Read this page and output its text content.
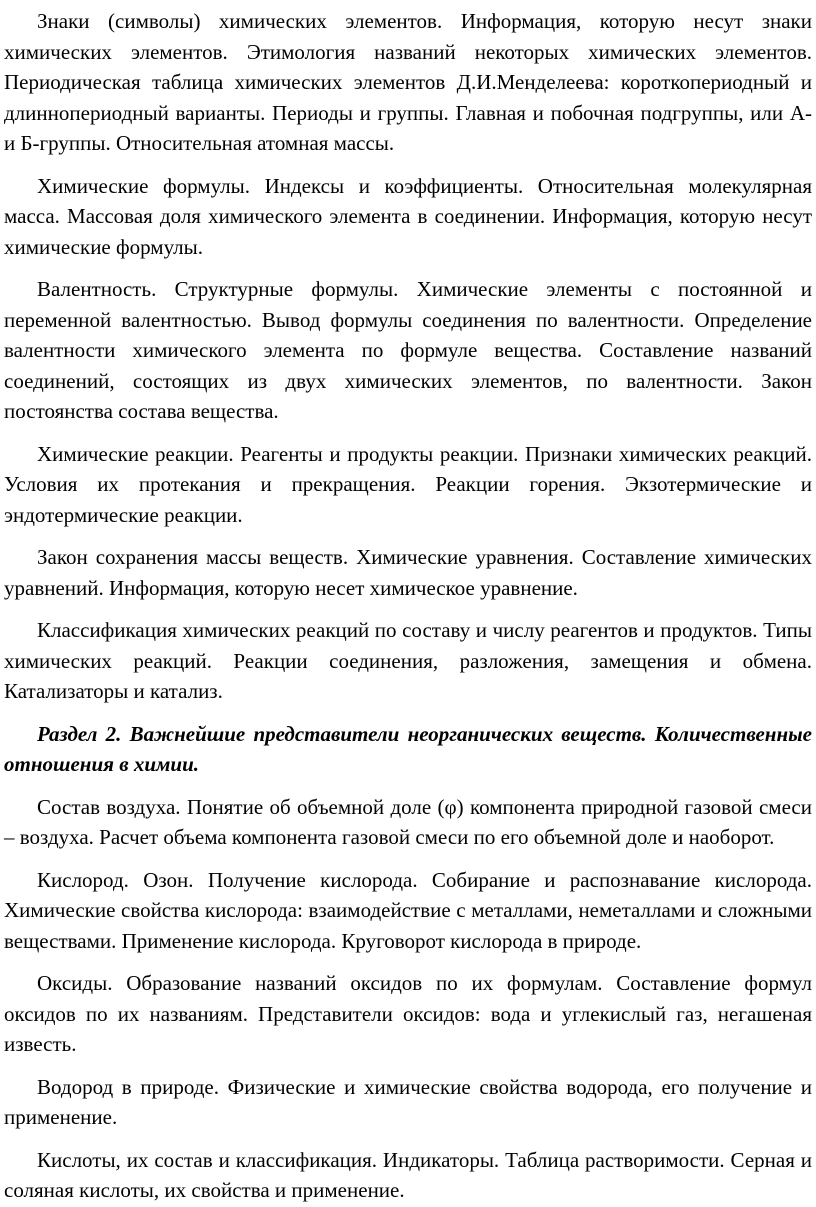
Знаки (символы) химических элементов. Информация, которую несут знаки химических элементов. Этимология названий некоторых химических элементов. Периодическая таблица химических элементов Д.И.Менделеева: короткопериодный и длиннопериодный варианты. Периоды и группы. Главная и побочная подгруппы, или А- и Б-группы. Относительная атомная массы.

Химические формулы. Индексы и коэффициенты. Относительная молекулярная масса. Массовая доля химического элемента в соединении. Информация, которую несут химические формулы.

Валентность. Структурные формулы. Химические элементы с постоянной и переменной валентностью. Вывод формулы соединения по валентности. Определение валентности химического элемента по формуле вещества. Составление названий соединений, состоящих из двух химических элементов, по валентности. Закон постоянства состава вещества.

Химические реакции. Реагенты и продукты реакции. Признаки химических реакций. Условия их протекания и прекращения. Реакции горения. Экзотермические и эндотермические реакции.

Закон сохранения массы веществ. Химические уравнения. Составление химических уравнений. Информация, которую несет химическое уравнение.

Классификация химических реакций по составу и числу реагентов и продуктов. Типы химических реакций. Реакции соединения, разложения, замещения и обмена. Катализаторы и катализ.

Раздел 2. Важнейшие представители неорганических веществ. Количественные отношения в химии.

Состав воздуха. Понятие об объемной доле (φ) компонента природной газовой смеси – воздуха. Расчет объема компонента газовой смеси по его объемной доле и наоборот.

Кислород. Озон. Получение кислорода. Собирание и распознавание кислорода. Химические свойства кислорода: взаимодействие с металлами, неметаллами и сложными веществами. Применение кислорода. Круговорот кислорода в природе.

Оксиды. Образование названий оксидов по их формулам. Составление формул оксидов по их названиям. Представители оксидов: вода и углекислый газ, негашеная известь.

Водород в природе. Физические и химические свойства водорода, его получение и применение.

Кислоты, их состав и классификация. Индикаторы. Таблица растворимости. Серная и соляная кислоты, их свойства и применение.
